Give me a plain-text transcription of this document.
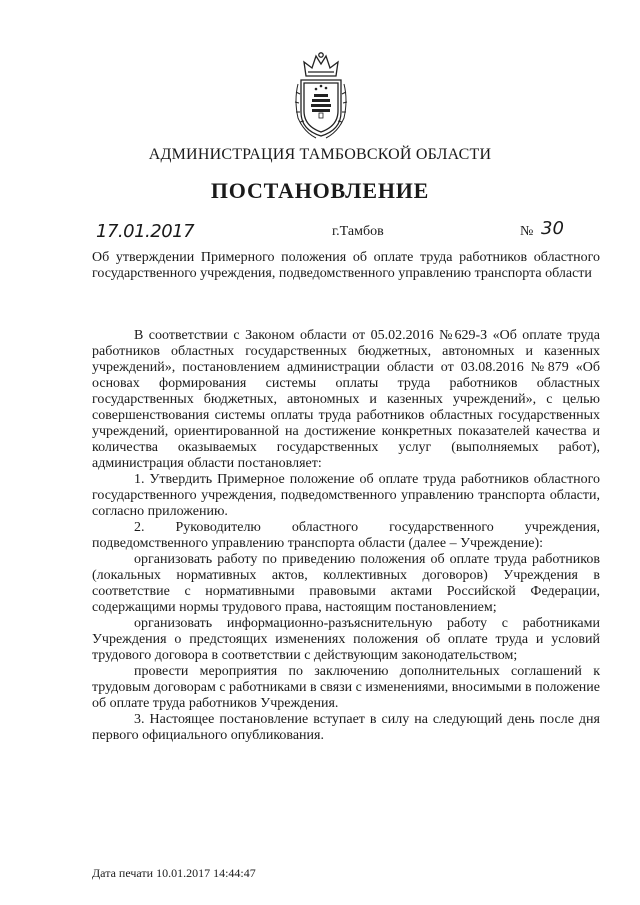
АДМИНИСТРАЦИЯ ТАМБОВСКОЙ ОБЛАСТИ
ПОСТАНОВЛЕНИЕ
17.01.2017	г.Тамбов	№ 30
Об утверждении Примерного положения об оплате труда работников областного государственного учреждения, подведомственного управлению транспорта области

В соответствии с Законом области от 05.02.2016 №629-З «Об оплате труда работников областных государственных бюджетных, автономных и казенных учреждений», постановлением администрации области от 03.08.2016 №879 «Об основах формирования системы оплаты труда работников областных государственных бюджетных, автономных и казенных учреждений», с целью совершенствования системы оплаты труда работников областных государственных учреждений, ориентированной на достижение конкретных показателей качества и количества оказываемых государственных услуг (выполняемых работ), администрация области постановляет:

1. Утвердить Примерное положение об оплате труда работников областного государственного учреждения, подведомственного управлению транспорта области, согласно приложению.

2. Руководителю областного государственного учреждения, подведомственного управлению транспорта области (далее – Учреждение):

организовать работу по приведению положения об оплате труда работников (локальных нормативных актов, коллективных договоров) Учреждения в соответствие с нормативными правовыми актами Российской Федерации, содержащими нормы трудового права, настоящим постановлением;

организовать информационно-разъяснительную работу с работниками Учреждения о предстоящих изменениях положения об оплате труда и условий трудового договора в соответствии с действующим законодательством;

провести мероприятия по заключению дополнительных соглашений к трудовым договорам с работниками в связи с изменениями, вносимыми в положение об оплате труда работников Учреждения.

3. Настоящее постановление вступает в силу на следующий день после дня первого официального опубликования.

Дата печати 10.01.2017 14:44:47
